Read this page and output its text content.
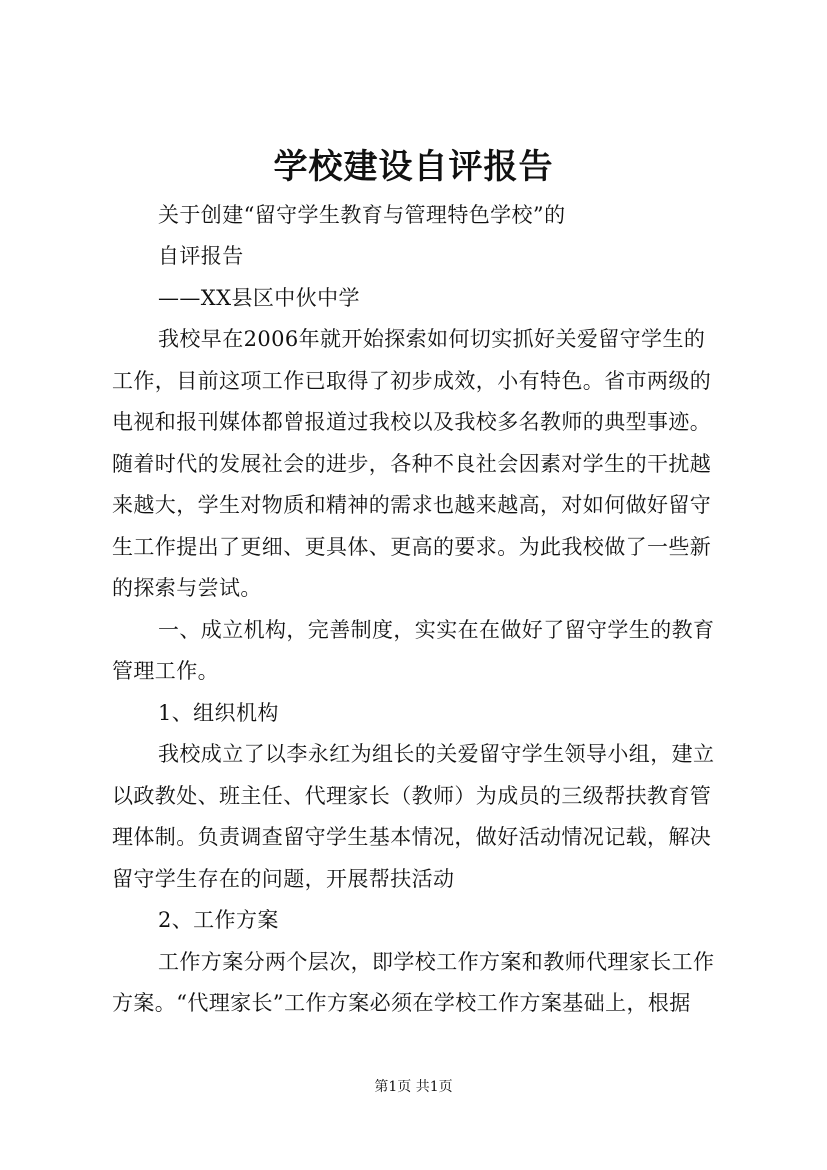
学校建设自评报告
关于创建“留守学生教育与管理特色学校”的
自评报告
——XX县区中伙中学
我校早在2006年就开始探索如何切实抓好关爱留守学生的
工作，目前这项工作已取得了初步成效，小有特色。省市两级的
电视和报刊媒体都曾报道过我校以及我校多名教师的典型事迹。
随着时代的发展社会的进步，各种不良社会因素对学生的干扰越
来越大，学生对物质和精神的需求也越来越高，对如何做好留守
生工作提出了更细、更具体、更高的要求。为此我校做了一些新
的探索与尝试。
一、成立机构，完善制度，实实在在做好了留守学生的教育
管理工作。
1、组织机构
我校成立了以李永红为组长的关爱留守学生领导小组，建立
以政教处、班主任、代理家长（教师）为成员的三级帮扶教育管
理体制。负责调查留守学生基本情况，做好活动情况记载，解决
留守学生存在的问题，开展帮扶活动
2、工作方案
工作方案分两个层次，即学校工作方案和教师代理家长工作
方案。“代理家长”工作方案必须在学校工作方案基础上，根据
第1页 共1页
